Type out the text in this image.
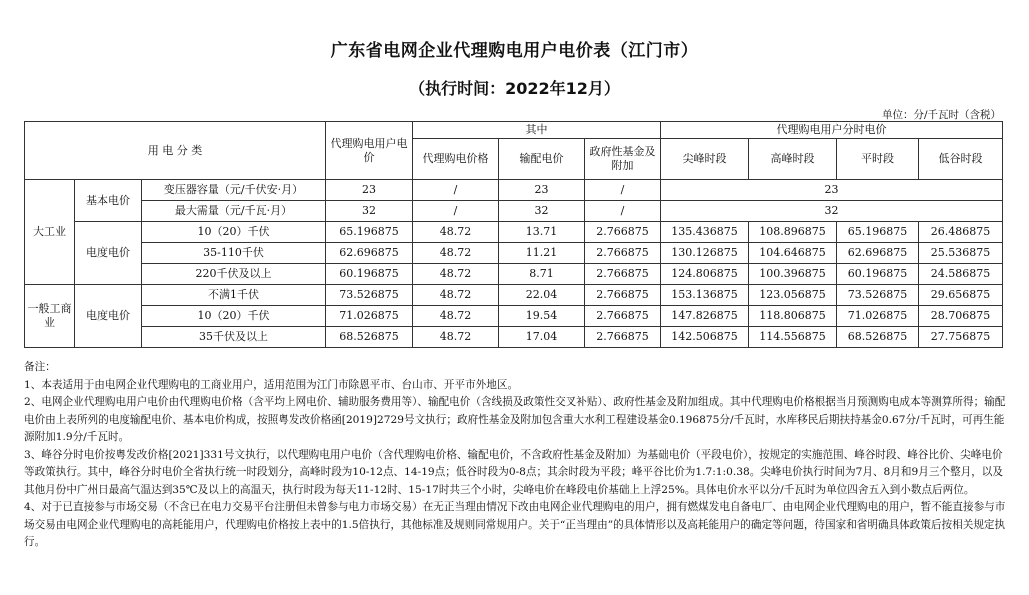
广东省电网企业代理购电用户电价表（江门市）
（执行时间：2022年12月）
单位：分/千瓦时（含税）
用 电 分 类			代理购电用户电价	其中			代理购电用户分时电价			
				代理购电价格	输配电价	政府性基金及附加	尖峰时段	高峰时段	平时段	低谷时段
大工业	基本电价	变压器容量（元/千伏安·月）	23	/	23	/	23			
		最大需量（元/千瓦·月）	32	/	32	/	32			
	电度电价	10（20）千伏	65.196875	48.72	13.71	2.766875	135.436875	108.896875	65.196875	26.486875
		35-110千伏	62.696875	48.72	11.21	2.766875	130.126875	104.646875	62.696875	25.536875
		220千伏及以上	60.196875	48.72	8.71	2.766875	124.806875	100.396875	60.196875	24.586875
一般工商业	电度电价	不满1千伏	73.526875	48.72	22.04	2.766875	153.136875	123.056875	73.526875	29.656875
		10（20）千伏	71.026875	48.72	19.54	2.766875	147.826875	118.806875	71.026875	28.706875
		35千伏及以上	68.526875	48.72	17.04	2.766875	142.506875	114.556875	68.526875	27.756875

备注：

1、本表适用于由电网企业代理购电的工商业用户，适用范围为江门市除恩平市、台山市、开平市外地区。

2、电网企业代理购电用户电价由代理购电价格（含平均上网电价、辅助服务费用等）、输配电价（含线损及政策性交叉补贴）、政府性基金及附加组成。其中代理购电价格根据当月预测购电成本等测算所得；输配电价由上表所列的电度输配电价、基本电价构成，按照粤发改价格函[2019]2729号文执行；政府性基金及附加包含重大水利工程建设基金0.196875分/千瓦时，水库移民后期扶持基金0.67分/千瓦时，可再生能源附加1.9分/千瓦时。

3、峰谷分时电价按粤发改价格[2021]331号文执行，以代理购电用户电价（含代理购电价格、输配电价，不含政府性基金及附加）为基础电价（平段电价），按规定的实施范围、峰谷时段、峰谷比价、尖峰电价等政策执行。其中，峰谷分时电价全省执行统一时段划分，高峰时段为10-12点、14-19点；低谷时段为0-8点；其余时段为平段；峰平谷比价为1.7:1:0.38。尖峰电价执行时间为7月、8月和9月三个整月，以及其他月份中广州日最高气温达到35℃及以上的高温天，执行时段为每天11-12时、15-17时共三个小时，尖峰电价在峰段电价基础上上浮25%。具体电价水平以分/千瓦时为单位四舍五入到小数点后两位。

4、对于已直接参与市场交易（不含已在电力交易平台注册但未曾参与电力市场交易）在无正当理由情况下改由电网企业代理购电的用户，拥有燃煤发电自备电厂、由电网企业代理购电的用户，暂不能直接参与市场交易由电网企业代理购电的高耗能用户，代理购电价格按上表中的1.5倍执行，其他标准及规则同常规用户。关于“正当理由”的具体情形以及高耗能用户的确定等问题，待国家和省明确具体政策后按相关规定执行。
